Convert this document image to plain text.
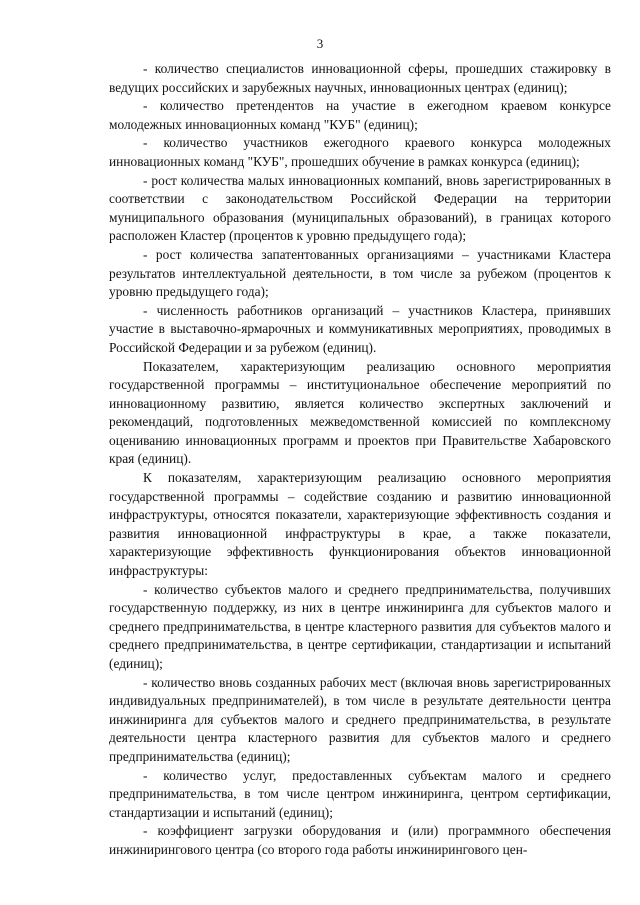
3

- количество специалистов инновационной сферы, прошедших стажировку в ведущих российских и зарубежных научных, инновационных центрах (единиц);

- количество претендентов на участие в ежегодном краевом конкурсе молодежных инновационных команд "КУБ" (единиц);

- количество участников ежегодного краевого конкурса молодежных инновационных команд "КУБ", прошедших обучение в рамках конкурса (единиц);

- рост количества малых инновационных компаний, вновь зарегистрированных в соответствии с законодательством Российской Федерации на территории муниципального образования (муниципальных образований), в границах которого расположен Кластер (процентов к уровню предыдущего года);

- рост количества запатентованных организациями – участниками Кластера результатов интеллектуальной деятельности, в том числе за рубежом (процентов к уровню предыдущего года);

- численность работников организаций – участников Кластера, принявших участие в выставочно-ярмарочных и коммуникативных мероприятиях, проводимых в Российской Федерации и за рубежом (единиц).

Показателем, характеризующим реализацию основного мероприятия государственной программы – институциональное обеспечение мероприятий по инновационному развитию, является количество экспертных заключений и рекомендаций, подготовленных межведомственной комиссией по комплексному оцениванию инновационных программ и проектов при Правительстве Хабаровского края (единиц).

К показателям, характеризующим реализацию основного мероприятия государственной программы – содействие созданию и развитию инновационной инфраструктуры, относятся показатели, характеризующие эффективность создания и развития инновационной инфраструктуры в крае, а также показатели, характеризующие эффективность функционирования объектов инновационной инфраструктуры:

- количество субъектов малого и среднего предпринимательства, получивших государственную поддержку, из них в центре инжиниринга для субъектов малого и среднего предпринимательства, в центре кластерного развития для субъектов малого и среднего предпринимательства, в центре сертификации, стандартизации и испытаний (единиц);

- количество вновь созданных рабочих мест (включая вновь зарегистрированных индивидуальных предпринимателей), в том числе в результате деятельности центра инжиниринга для субъектов малого и среднего предпринимательства, в результате деятельности центра кластерного развития для субъектов малого и среднего предпринимательства (единиц);

- количество услуг, предоставленных субъектам малого и среднего предпринимательства, в том числе центром инжиниринга, центром сертификации, стандартизации и испытаний (единиц);

- коэффициент загрузки оборудования и (или) программного обеспечения инжинирингового центра (со второго года работы инжинирингового цен-
